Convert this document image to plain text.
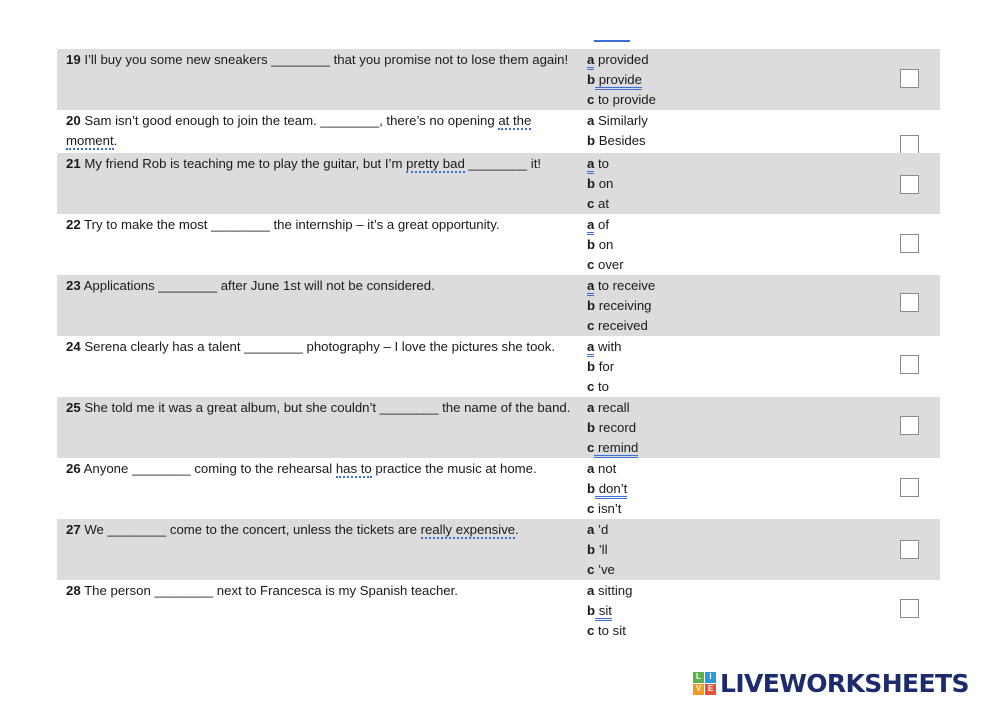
19 I’ll buy you some new sneakers ________ that you promise not to lose them again!	a provided
b provide
c to provide
20 Sam isn’t good enough to join the team. ________, there’s no opening at the moment.
a Similarly
b Besides
21 My friend Rob is teaching me to play the guitar, but I’m pretty bad ________ it!	a to
b on
c at
22 Try to make the most ________ the internship – it’s a great opportunity.	a of
b on
c over
23 Applications ________ after June 1st will not be considered.	a to receive
b receiving
c received
24 Serena clearly has a talent ________ photography – I love the pictures she took.	a with
b for
c to
25 She told me it was a great album, but she couldn’t ________ the name of the band.	a recall
b record
c remind
26 Anyone ________ coming to the rehearsal has to practice the music at home.	a not
b don’t
c isn’t
27 We ________ come to the concert, unless the tickets are really expensive.	a ’d
b ’ll
c ’ve
28 The person ________ next to Francesca is my Spanish teacher.	a sitting
b sit
c to sit
L	I
V E LIVEWORKSHEETS
